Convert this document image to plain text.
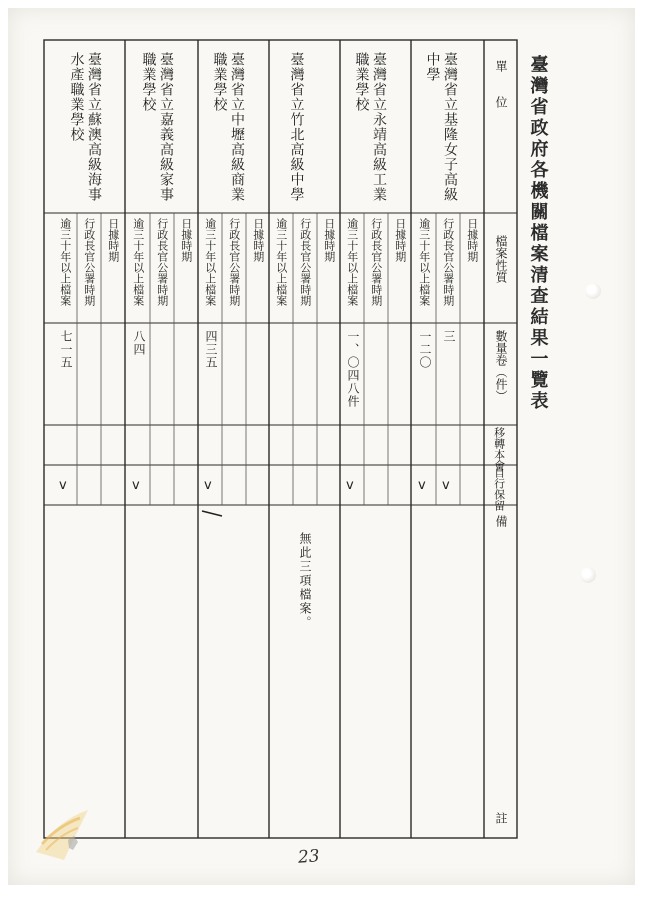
臺灣省政府各機關檔案清查結果一覽表
單　　位
檔案性質
數量卷（件）
移轉本會
自行保留
備
註
臺灣省立基隆女子高級
中學
日據時期
行政長官公署時期
逾三十年以上檔案
三
一二〇
v
v
臺灣省立永靖高級工業
職業學校
日據時期
行政長官公署時期
逾三十年以上檔案
一、〇四八件
v
臺灣省立竹北高級中學
日據時期
行政長官公署時期
逾三十年以上檔案
無此三項檔案。
臺灣省立中壢高級商業
職業學校
日據時期
行政長官公署時期
逾三十年以上檔案
四三五
v
臺灣省立嘉義高級家事
職業學校
日據時期
行政長官公署時期
逾三十年以上檔案
八四
v
臺灣省立蘇澳高級海事
水產職業學校
日據時期
行政長官公署時期
逾三十年以上檔案
七一五
v
23
